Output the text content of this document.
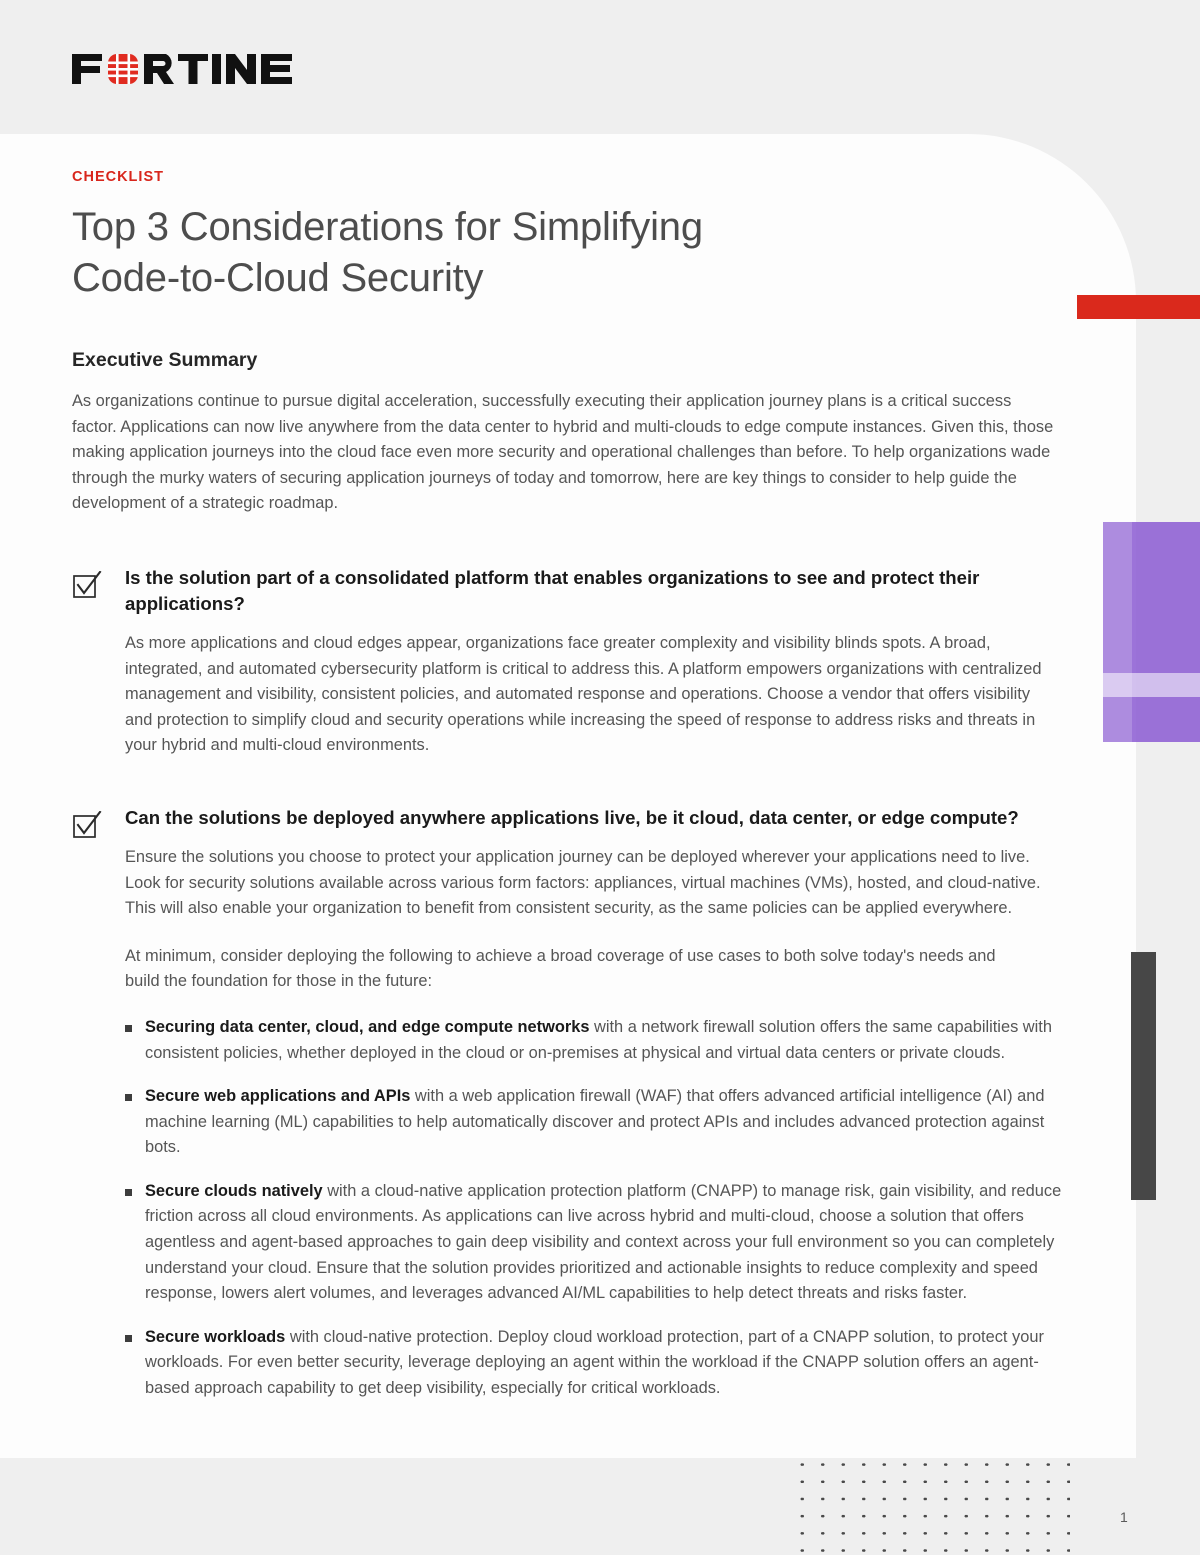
CHECKLIST
Top 3 Considerations for Simplifying
Code-to-Cloud Security
Executive Summary

As organizations continue to pursue digital acceleration, successfully executing their application journey plans is a critical success factor. Applications can now live anywhere from the data center to hybrid and multi-clouds to edge compute instances. Given this, those making application journeys into the cloud face even more security and operational challenges than before. To help organizations wade through the murky waters of securing application journeys of today and tomorrow, here are key things to consider to help guide the development of a strategic roadmap.

Is the solution part of a consolidated platform that enables organizations to see and protect their applications?

As more applications and cloud edges appear, organizations face greater complexity and visibility blinds spots. A broad, integrated, and automated cybersecurity platform is critical to address this. A platform empowers organizations with centralized management and visibility, consistent policies, and automated response and operations. Choose a vendor that offers visibility and protection to simplify cloud and security operations while increasing the speed of response to address risks and threats in your hybrid and multi-cloud environments.

Can the solutions be deployed anywhere applications live, be it cloud, data center, or edge compute?

Ensure the solutions you choose to protect your application journey can be deployed wherever your applications need to live. Look for security solutions available across various form factors: appliances, virtual machines (VMs), hosted, and cloud-native. This will also enable your organization to benefit from consistent security, as the same policies can be applied everywhere.

At minimum, consider deploying the following to achieve a broad coverage of use cases to both solve today's needs and build the foundation for those in the future:

Securing data center, cloud, and edge compute networks with a network firewall solution offers the same capabilities with consistent policies, whether deployed in the cloud or on-premises at physical and virtual data centers or private clouds.
Secure web applications and APIs with a web application firewall (WAF) that offers advanced artificial intelligence (AI) and machine learning (ML) capabilities to help automatically discover and protect APIs and includes advanced protection against bots.
Secure clouds natively with a cloud-native application protection platform (CNAPP) to manage risk, gain visibility, and reduce friction across all cloud environments. As applications can live across hybrid and multi-cloud, choose a solution that offers agentless and agent-based approaches to gain deep visibility and context across your full environment so you can completely understand your cloud. Ensure that the solution provides prioritized and actionable insights to reduce complexity and speed response, lowers alert volumes, and leverages advanced AI/ML capabilities to help detect threats and risks faster.
Secure workloads with cloud-native protection. Deploy cloud workload protection, part of a CNAPP solution, to protect your workloads. For even better security, leverage deploying an agent within the workload if the CNAPP solution offers an agent-based approach capability to get deep visibility, especially for critical workloads.
1
